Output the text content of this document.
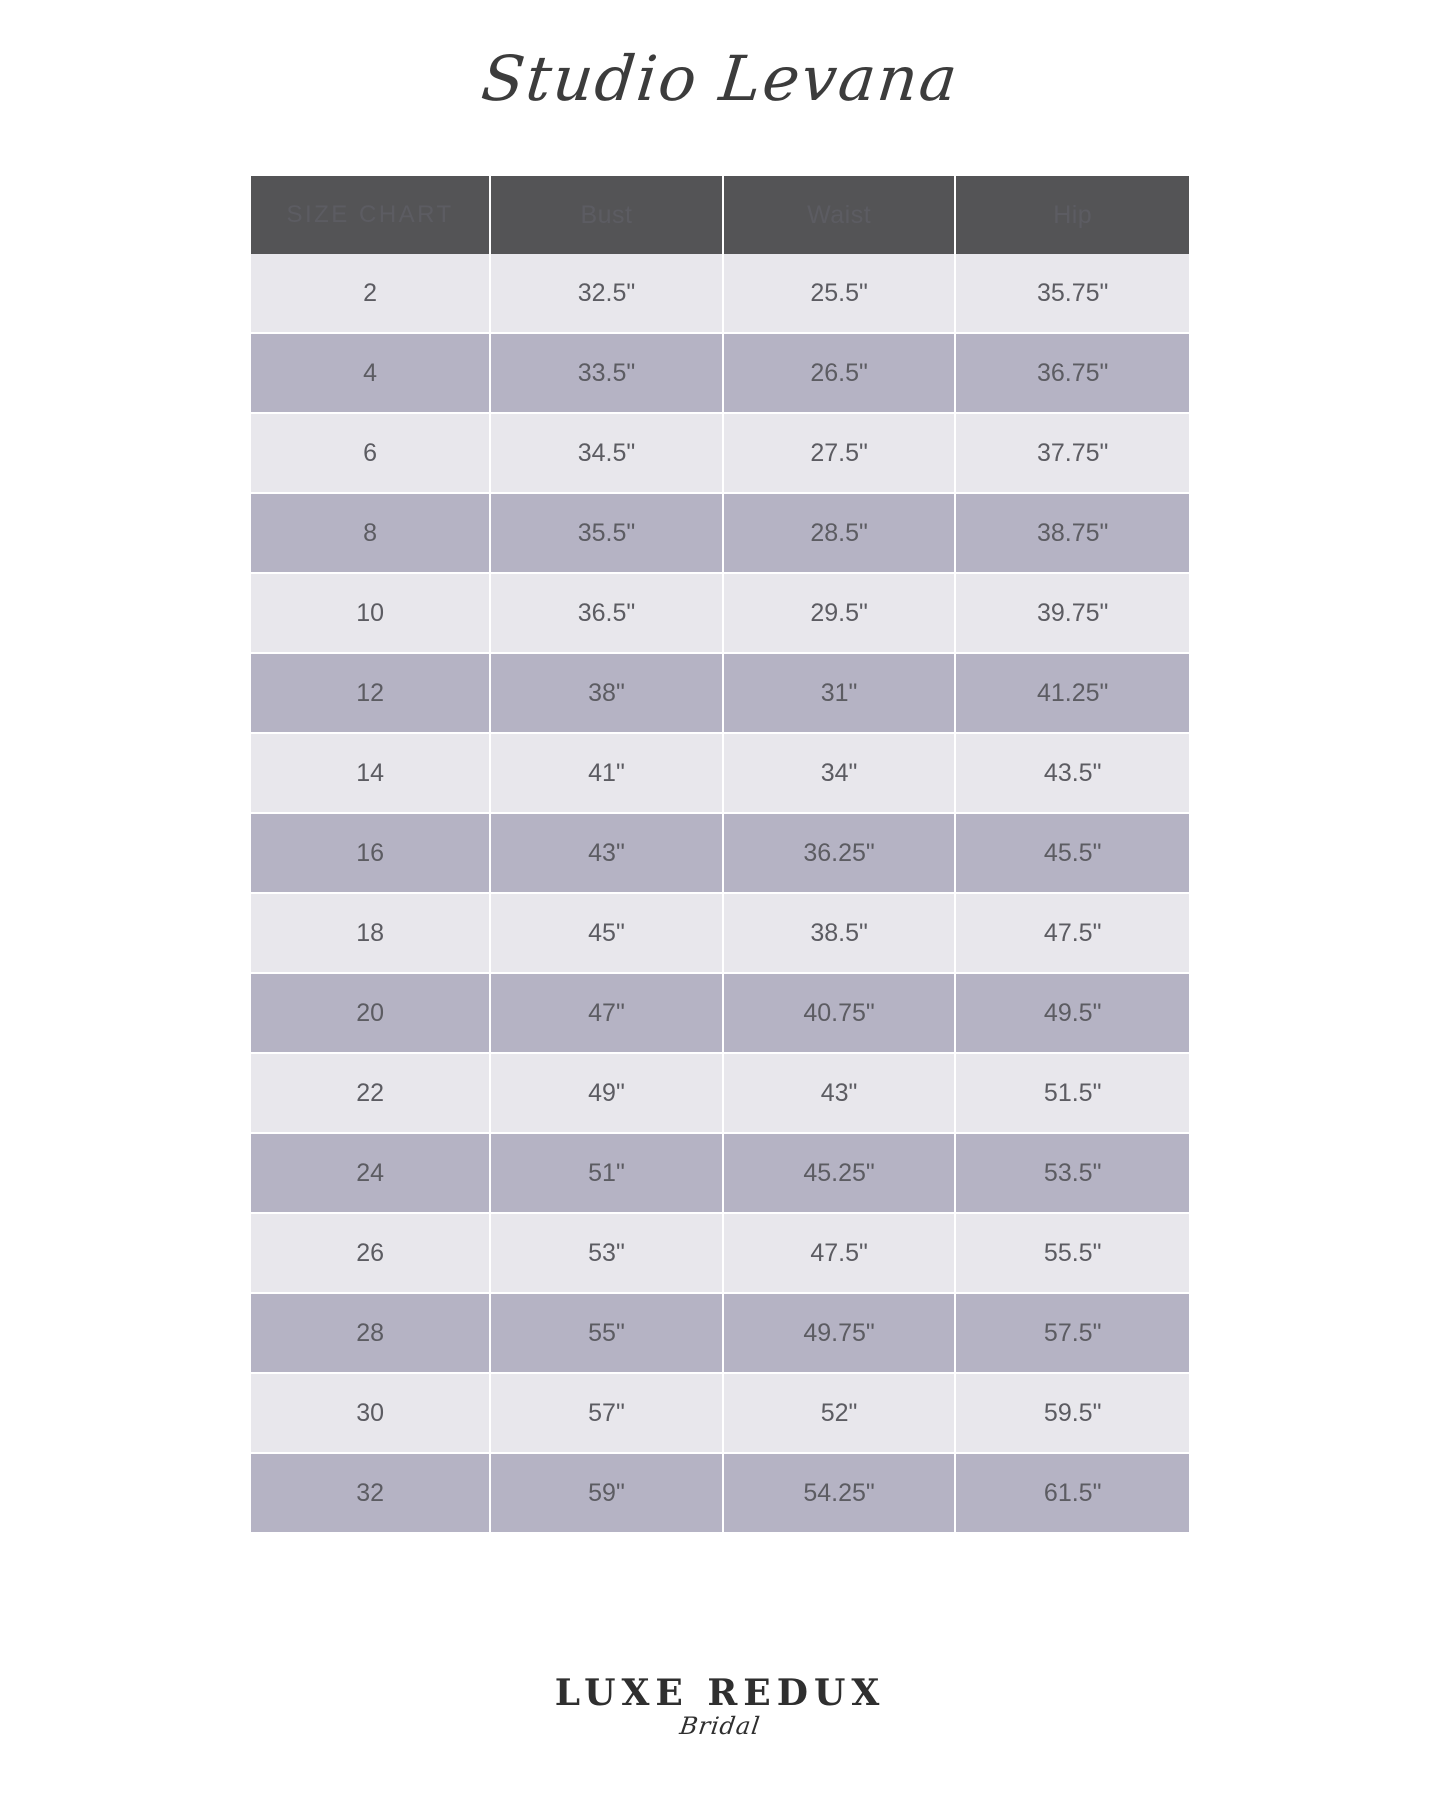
Studio Levana
SIZE CHART	Bust	Waist	Hip
2	32.5"	25.5"	35.75"
4	33.5"	26.5"	36.75"
6	34.5"	27.5"	37.75"
8	35.5"	28.5"	38.75"
10	36.5"	29.5"	39.75"
12	38"	31"	41.25"
14	41"	34"	43.5"
16	43"	36.25"	45.5"
18	45"	38.5"	47.5"
20	47"	40.75"	49.5"
22	49"	43"	51.5"
24	51"	45.25"	53.5"
26	53"	47.5"	55.5"
28	55"	49.75"	57.5"
30	57"	52"	59.5"
32	59"	54.25"	61.5"
LUXE REDUX
Bridal
